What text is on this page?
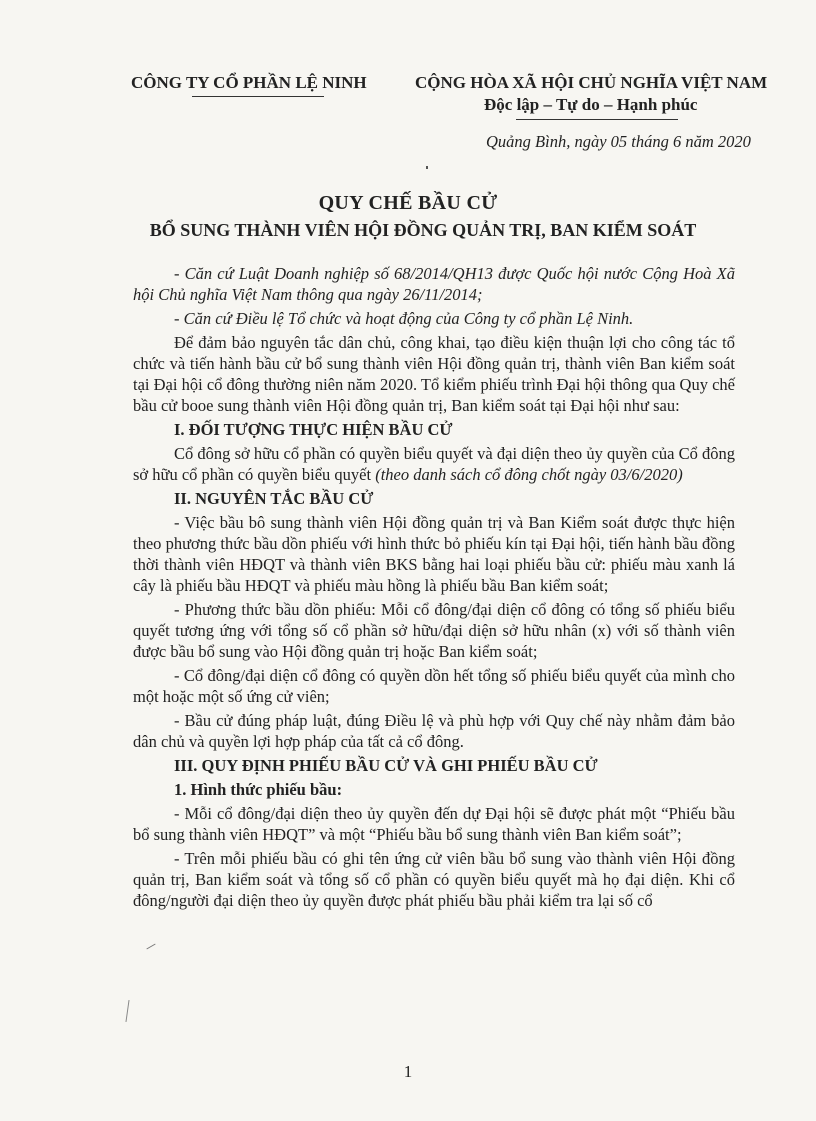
CÔNG TY CỔ PHẦN LỆ NINH	CỘNG HÒA XÃ HỘI CHỦ NGHĨA VIỆT NAM
Độc lập – Tự do – Hạnh phúc
Quảng Bình, ngày 05 tháng 6 năm 2020
QUY CHẾ BẦU CỬ
BỔ SUNG THÀNH VIÊN HỘI ĐỒNG QUẢN TRỊ, BAN KIỂM SOÁT

- Căn cứ Luật Doanh nghiệp số 68/2014/QH13 được Quốc hội nước Cộng Hoà Xã hội Chủ nghĩa Việt Nam thông qua ngày 26/11/2014;

- Căn cứ Điều lệ Tổ chức và hoạt động của Công ty cổ phần Lệ Ninh.

Để đảm bảo nguyên tắc dân chủ, công khai, tạo điều kiện thuận lợi cho công tác tổ chức và tiến hành bầu cử bổ sung thành viên Hội đồng quản trị, thành viên Ban kiểm soát tại Đại hội cổ đông thường niên năm 2020. Tổ kiểm phiếu trình Đại hội thông qua Quy chế bầu cử booe sung thành viên Hội đồng quản trị, Ban kiểm soát tại Đại hội như sau:

I. ĐỐI TƯỢNG THỰC HIỆN BẦU CỬ

Cổ đông sở hữu cổ phần có quyền biểu quyết và đại diện theo ủy quyền của Cổ đông sở hữu cổ phần có quyền biểu quyết (theo danh sách cổ đông chốt ngày 03/6/2020)

II. NGUYÊN TẮC BẦU CỬ

- Việc bầu bô sung thành viên Hội đồng quản trị và Ban Kiểm soát được thực hiện theo phương thức bầu dồn phiếu với hình thức bỏ phiếu kín tại Đại hội, tiến hành bầu đồng thời thành viên HĐQT và thành viên BKS bằng hai loại phiếu bầu cử: phiếu màu xanh lá cây là phiếu bầu HĐQT và phiếu màu hồng là phiếu bầu Ban kiểm soát;

- Phương thức bầu dồn phiếu: Mỗi cổ đông/đại diện cổ đông có tổng số phiếu biểu quyết tương ứng với tổng số cổ phần sở hữu/đại diện sở hữu nhân (x) với số thành viên được bầu bổ sung vào Hội đồng quản trị hoặc Ban kiểm soát;

- Cổ đông/đại diện cổ đông có quyền dồn hết tổng số phiếu biểu quyết của mình cho một hoặc một số ứng cử viên;

- Bầu cử đúng pháp luật, đúng Điều lệ và phù hợp với Quy chế này nhằm đảm bảo dân chủ và quyền lợi hợp pháp của tất cả cổ đông.

III. QUY ĐỊNH PHIẾU BẦU CỬ VÀ GHI PHIẾU BẦU CỬ

1. Hình thức phiếu bầu:

- Mỗi cổ đông/đại diện theo ủy quyền đến dự Đại hội sẽ được phát một “Phiếu bầu bổ sung thành viên HĐQT” và một “Phiếu bầu bổ sung thành viên Ban kiểm soát”;

- Trên mỗi phiếu bầu có ghi tên ứng cử viên bầu bổ sung vào thành viên Hội đồng quản trị, Ban kiểm soát và tổng số cổ phần có quyền biểu quyết mà họ đại diện. Khi cổ đông/người đại diện theo ủy quyền được phát phiếu bầu phải kiểm tra lại số cổ

1
